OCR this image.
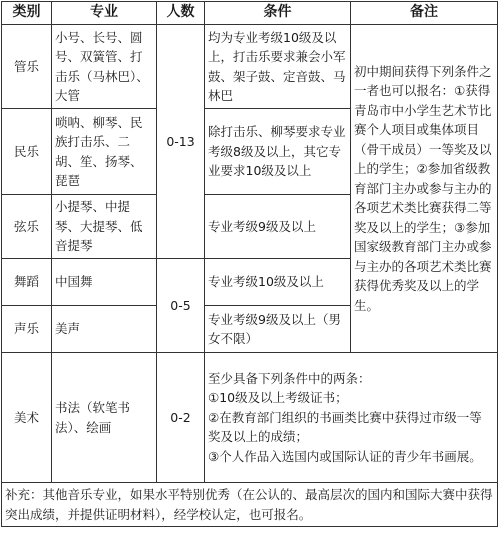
类别	专业	人数	条件	备注
管乐	小号、长号、圆号、双簧管、打击乐（马林巴）、大管	0-13	均为专业考级10级及以上，打击乐要求兼会小军鼓、架子鼓、定音鼓、马林巴	初中期间获得下列条件之一者也可以报名：①获得青岛市中小学生艺术节比赛个人项目或集体项目（骨干成员）一等奖及以上的学生；②参加省级教育部门主办或参与主办的各项艺术类比赛获得二等奖及以上的学生；③参加国家级教育部门主办或参与主办的各项艺术类比赛获得优秀奖及以上的学生。
民乐	唢呐、柳琴、民族打击乐、二胡、笙、扬琴、琵琶		除打击乐、柳琴要求专业考级8级及以上，其它专业要求10级及以上	
弦乐	小提琴、中提琴、大提琴、低音提琴		专业考级9级及以上	
舞蹈	中国舞	0-5	专业考级10级及以上	
声乐	美声		专业考级9级及以上（男女不限）	
美术	书法（软笔书法）、绘画	0-2	至少具备下列条件中的两条：
①10级及以上考级证书；
②在教育部门组织的书画类比赛中获得过市级一等奖及以上的成绩；
③个人作品入选国内或国际认证的青少年书画展。	
补充：其他音乐专业，如果水平特别优秀（在公认的、最高层次的国内和国际大赛中获得突出成绩，并提供证明材料），经学校认定，也可报名。				
